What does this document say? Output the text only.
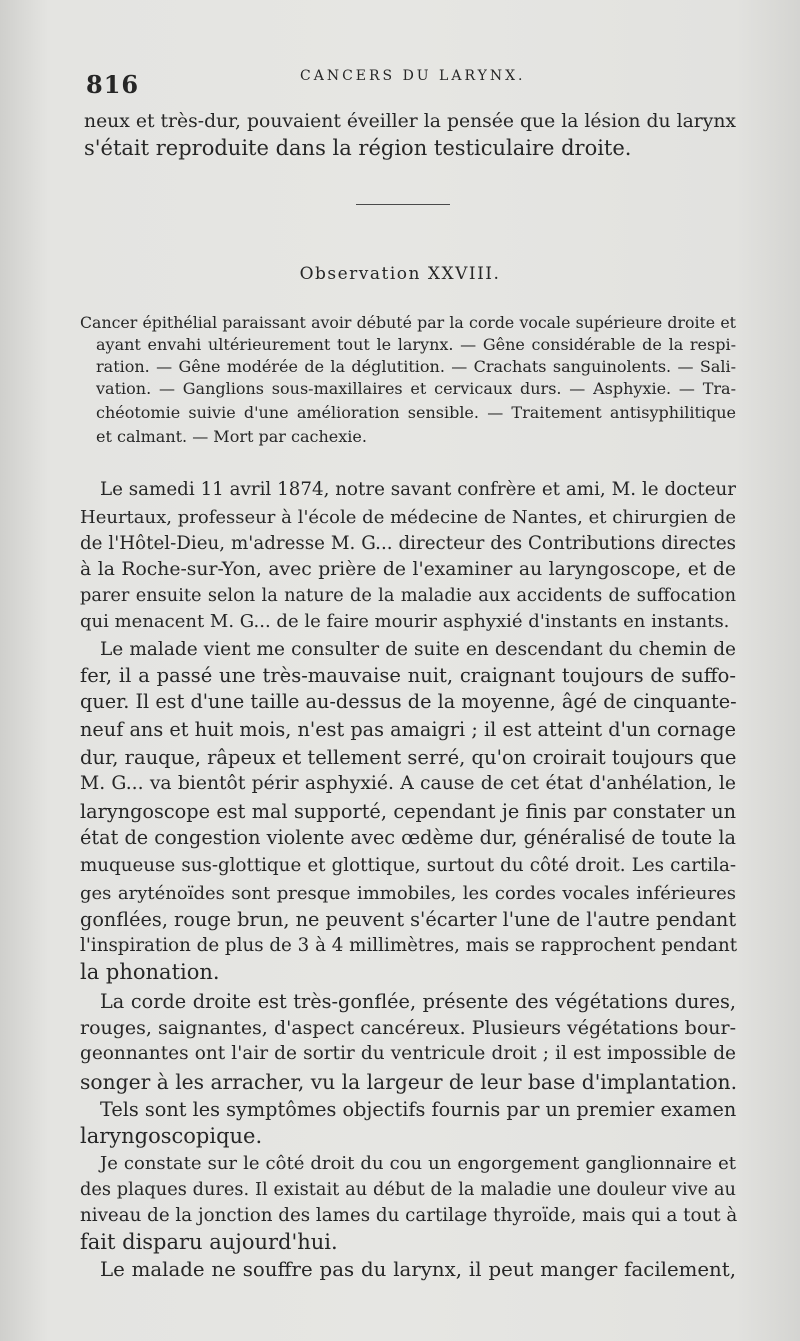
816	CANCERS DU LARYNX.
neux et très-dur, pouvaient éveiller la pensée que la lésion du larynx
s'était reproduite dans la région testiculaire droite.
Observation XXVIII.
Cancer épithélial paraissant avoir débuté par la corde vocale supérieure droite et
ayant envahi ultérieurement tout le larynx. — Gêne considérable de la respi-
ration. — Gêne modérée de la déglutition. — Crachats sanguinolents. — Sali-
vation. — Ganglions sous-maxillaires et cervicaux durs. — Asphyxie. — Tra-
chéotomie suivie d'une amélioration sensible. — Traitement antisyphilitique
et calmant. — Mort par cachexie.
Le samedi 11 avril 1874, notre savant confrère et ami, M. le docteur
Heurtaux, professeur à l'école de médecine de Nantes, et chirurgien de
de l'Hôtel-Dieu, m'adresse M. G... directeur des Contributions directes
à la Roche-sur-Yon, avec prière de l'examiner au laryngoscope, et de
parer ensuite selon la nature de la maladie aux accidents de suffocation
qui menacent M. G... de le faire mourir asphyxié d'instants en instants.
Le malade vient me consulter de suite en descendant du chemin de
fer, il a passé une très-mauvaise nuit, craignant toujours de suffo-
quer. Il est d'une taille au-dessus de la moyenne, âgé de cinquante-
neuf ans et huit mois, n'est pas amaigri ; il est atteint d'un cornage
dur, rauque, râpeux et tellement serré, qu'on croirait toujours que
M. G... va bientôt périr asphyxié. A cause de cet état d'anhélation, le
laryngoscope est mal supporté, cependant je finis par constater un
état de congestion violente avec œdème dur, généralisé de toute la
muqueuse sus-glottique et glottique, surtout du côté droit. Les cartila-
ges aryténoïdes sont presque immobiles, les cordes vocales inférieures
gonflées, rouge brun, ne peuvent s'écarter l'une de l'autre pendant
l'inspiration de plus de 3 à 4 millimètres, mais se rapprochent pendant
la phonation.
La corde droite est très-gonflée, présente des végétations dures,
rouges, saignantes, d'aspect cancéreux. Plusieurs végétations bour-
geonnantes ont l'air de sortir du ventricule droit ; il est impossible de
songer à les arracher, vu la largeur de leur base d'implantation.
Tels sont les symptômes objectifs fournis par un premier examen
laryngoscopique.
Je constate sur le côté droit du cou un engorgement ganglionnaire et
des plaques dures. Il existait au début de la maladie une douleur vive au
niveau de la jonction des lames du cartilage thyroïde, mais qui a tout à
fait disparu aujourd'hui.
Le malade ne souffre pas du larynx, il peut manger facilement,
